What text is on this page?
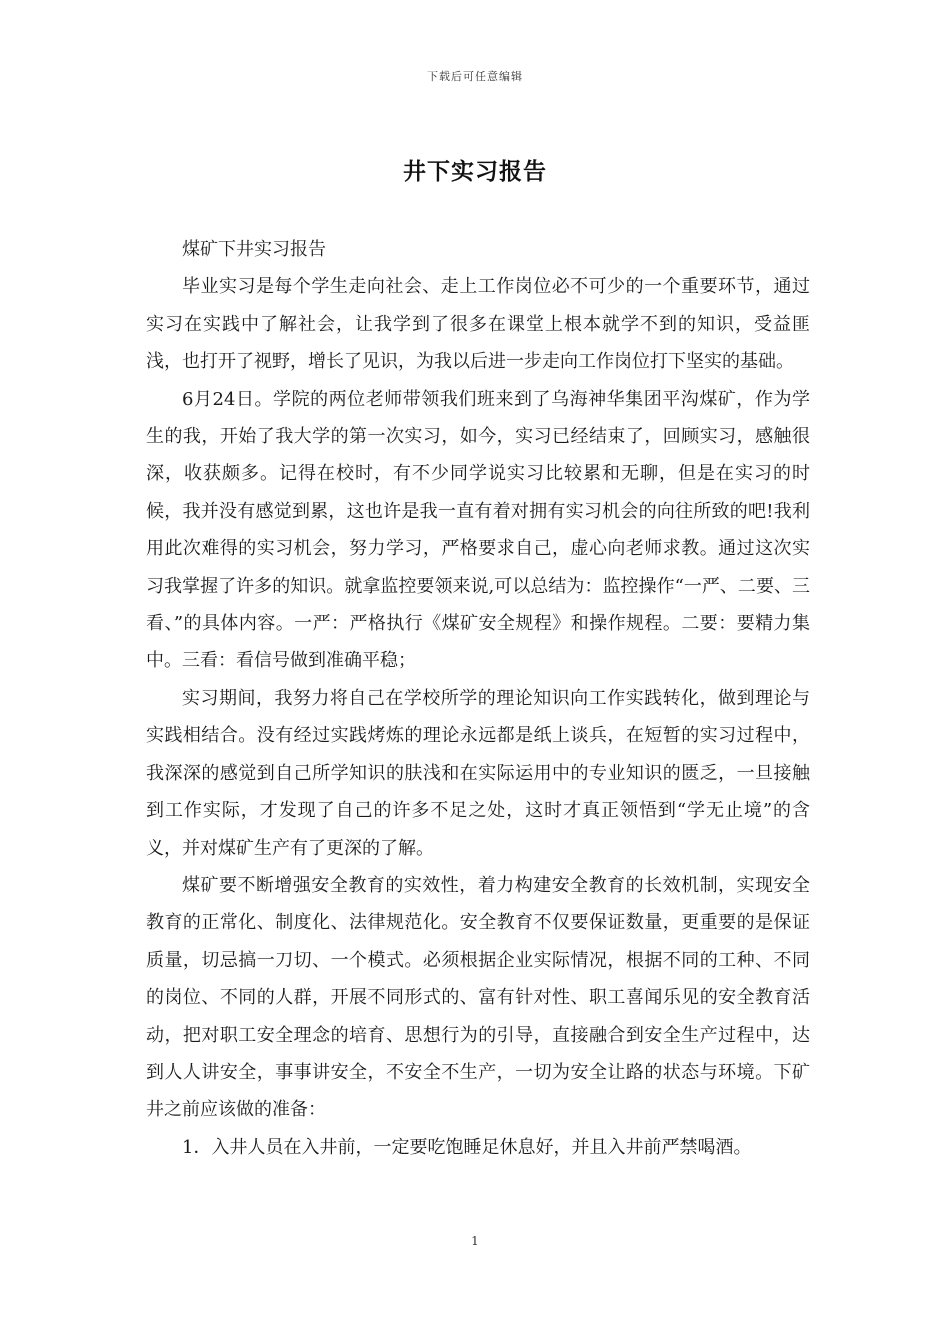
下载后可任意编辑
井下实习报告

煤矿下井实习报告

毕业实习是每个学生走向社会、走上工作岗位必不可少的一个重要环节，通过实习在实践中了解社会，让我学到了很多在课堂上根本就学不到的知识，受益匪浅，也打开了视野，增长了见识，为我以后进一步走向工作岗位打下坚实的基础。

6月24日。学院的两位老师带领我们班来到了乌海神华集团平沟煤矿，作为学生的我，开始了我大学的第一次实习，如今，实习已经结束了，回顾实习，感触很深，收获颇多。记得在校时，有不少同学说实习比较累和无聊，但是在实习的时候，我并没有感觉到累，这也许是我一直有着对拥有实习机会的向往所致的吧!我利用此次难得的实习机会，努力学习，严格要求自己，虚心向老师求教。通过这次实习我掌握了许多的知识。就拿监控要领来说,可以总结为：监控操作“一严、二要、三看、”的具体内容。一严：严格执行《煤矿安全规程》和操作规程。二要：要精力集中。三看：看信号做到准确平稳；

实习期间，我努力将自己在学校所学的理论知识向工作实践转化，做到理论与实践相结合。没有经过实践烤炼的理论永远都是纸上谈兵，在短暂的实习过程中，我深深的感觉到自己所学知识的肤浅和在实际运用中的专业知识的匮乏，一旦接触到工作实际，才发现了自己的许多不足之处，这时才真正领悟到“学无止境”的含义，并对煤矿生产有了更深的了解。

煤矿要不断增强安全教育的实效性，着力构建安全教育的长效机制，实现安全教育的正常化、制度化、法律规范化。安全教育不仅要保证数量，更重要的是保证质量，切忌搞一刀切、一个模式。必须根据企业实际情况，根据不同的工种、不同的岗位、不同的人群，开展不同形式的、富有针对性、职工喜闻乐见的安全教育活动，把对职工安全理念的培育、思想行为的引导，直接融合到安全生产过程中，达到人人讲安全，事事讲安全，不安全不生产，一切为安全让路的状态与环境。下矿井之前应该做的准备：

1．入井人员在入井前，一定要吃饱睡足休息好，并且入井前严禁喝酒。

1
